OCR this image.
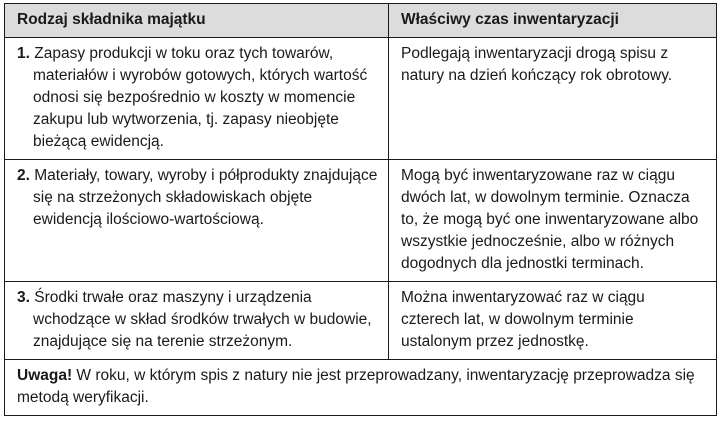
Rodzaj składnika majątku	Właściwy czas inwentaryzacji

1. Zapasy produkcji w toku oraz tych towarów, materiałów i wyrobów gotowych, których wartość odnosi się bezpośrednio w koszty w momencie zakupu lub wytworzenia, tj. zapasy nieobjęte bieżącą ewidencją.	Podlegają inwentaryzacji drogą spisu z natury na dzień kończący rok obrotowy.

2. Materiały, towary, wyroby i półprodukty znajdujące się na strzeżonych składowiskach objęte ewidencją ilościowo-wartościową.	Mogą być inwentaryzowane raz w ciągu dwóch lat, w dowolnym terminie. Oznacza to, że mogą być one inwentaryzowane albo wszystkie jednocześnie, albo w różnych dogodnych dla jednostki terminach.

3. Środki trwałe oraz maszyny i urządzenia wchodzące w skład środków trwałych w budowie, znajdujące się na terenie strzeżonym.	Można inwentaryzować raz w ciągu czterech lat, w dowolnym terminie ustalonym przez jednostkę.
Uwaga! W roku, w którym spis z natury nie jest przeprowadzany, inwentaryzację przeprowadza się metodą weryfikacji.	
